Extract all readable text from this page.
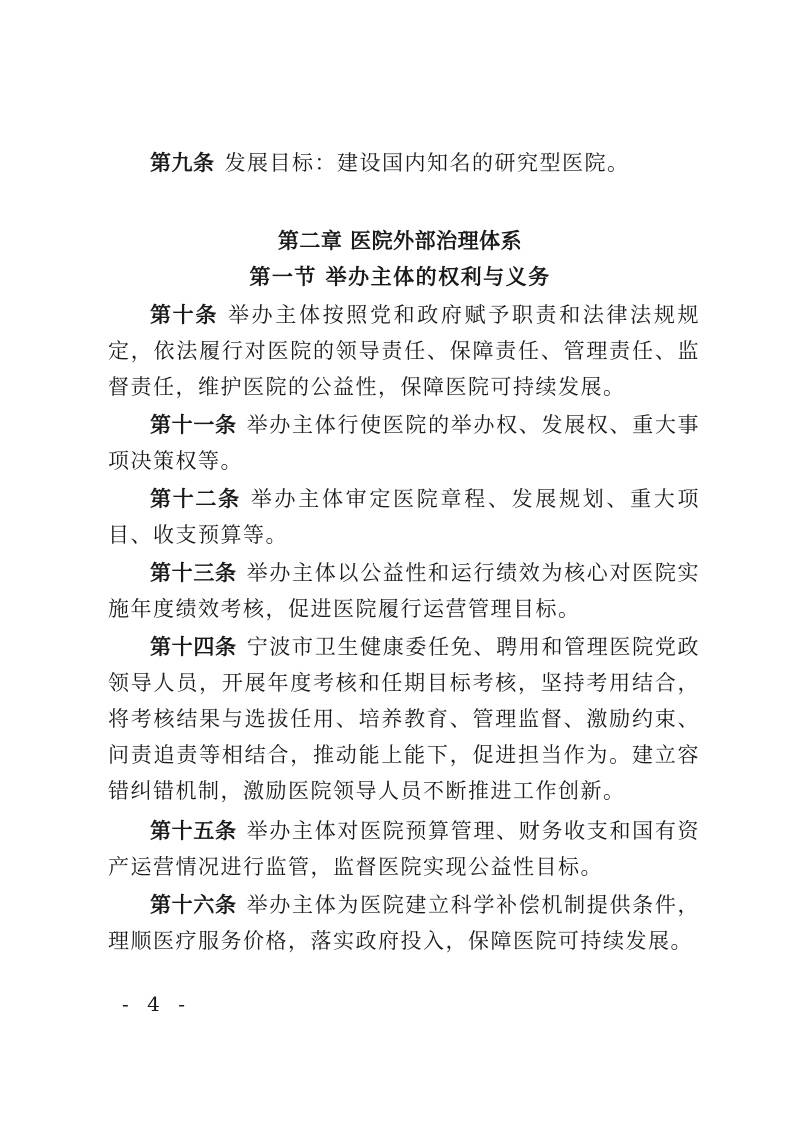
第九条 发展目标：建设国内知名的研究型医院。

第二章 医院外部治理体系
第一节 举办主体的权利与义务

第十条 举办主体按照党和政府赋予职责和法律法规规定，依法履行对医院的领导责任、保障责任、管理责任、监督责任，维护医院的公益性，保障医院可持续发展。

第十一条 举办主体行使医院的举办权、发展权、重大事项决策权等。

第十二条 举办主体审定医院章程、发展规划、重大项目、收支预算等。

第十三条 举办主体以公益性和运行绩效为核心对医院实施年度绩效考核，促进医院履行运营管理目标。

第十四条 宁波市卫生健康委任免、聘用和管理医院党政领导人员，开展年度考核和任期目标考核，坚持考用结合，将考核结果与选拔任用、培养教育、管理监督、激励约束、问责追责等相结合，推动能上能下，促进担当作为。建立容错纠错机制，激励医院领导人员不断推进工作创新。

第十五条 举办主体对医院预算管理、财务收支和国有资产运营情况进行监管，监督医院实现公益性目标。

第十六条 举办主体为医院建立科学补偿机制提供条件，理顺医疗服务价格，落实政府投入，保障医院可持续发展。

- 4 -
